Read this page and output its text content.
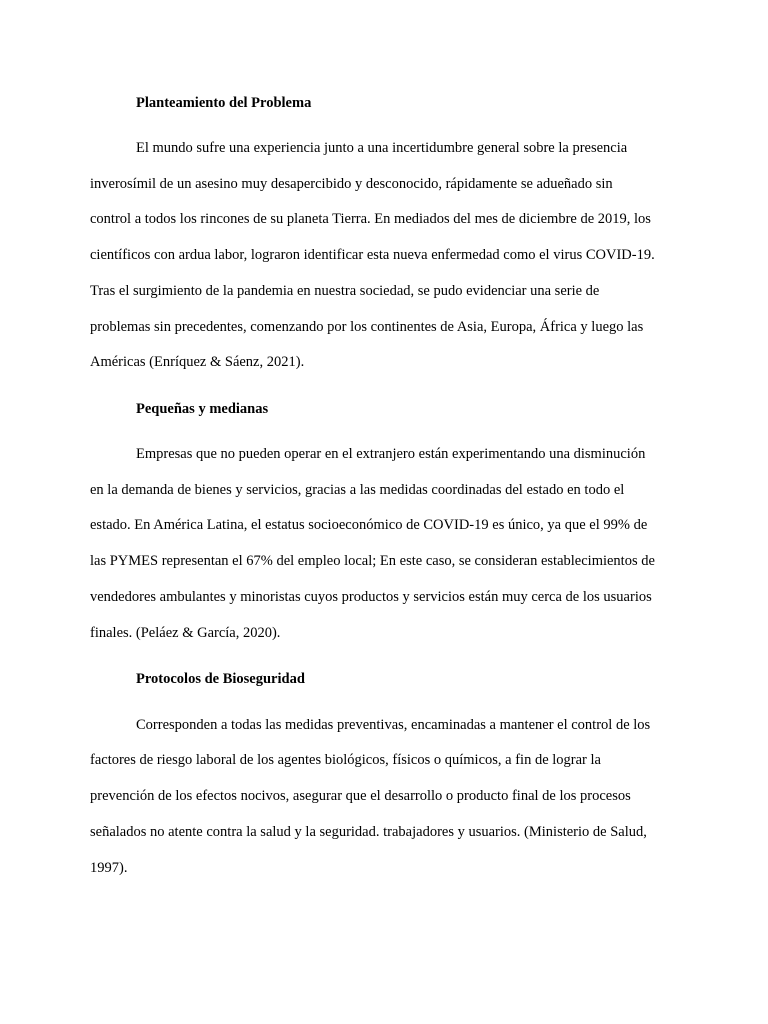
Planteamiento del Problema
El mundo sufre una experiencia junto a una incertidumbre general sobre la presencia
inverosímil de un asesino muy desapercibido y desconocido, rápidamente se adueñado sin
control a todos los rincones de su planeta Tierra. En mediados del mes de diciembre de 2019, los
científicos con ardua labor, lograron identificar esta nueva enfermedad como el virus COVID-19.
Tras el surgimiento de la pandemia en nuestra sociedad, se pudo evidenciar una serie de
problemas sin precedentes, comenzando por los continentes de Asia, Europa, África y luego las
Américas (Enríquez & Sáenz, 2021).
Pequeñas y medianas
Empresas que no pueden operar en el extranjero están experimentando una disminución
en la demanda de bienes y servicios, gracias a las medidas coordinadas del estado en todo el
estado. En América Latina, el estatus socioeconómico de COVID-19 es único, ya que el 99% de
las PYMES representan el 67% del empleo local; En este caso, se consideran establecimientos de
vendedores ambulantes y minoristas cuyos productos y servicios están muy cerca de los usuarios
finales. (Peláez & García, 2020).
Protocolos de Bioseguridad
Corresponden a todas las medidas preventivas, encaminadas a mantener el control de los
factores de riesgo laboral de los agentes biológicos, físicos o químicos, a fin de lograr la
prevención de los efectos nocivos, asegurar que el desarrollo o producto final de los procesos
señalados no atente contra la salud y la seguridad. trabajadores y usuarios. (Ministerio de Salud,
1997).
